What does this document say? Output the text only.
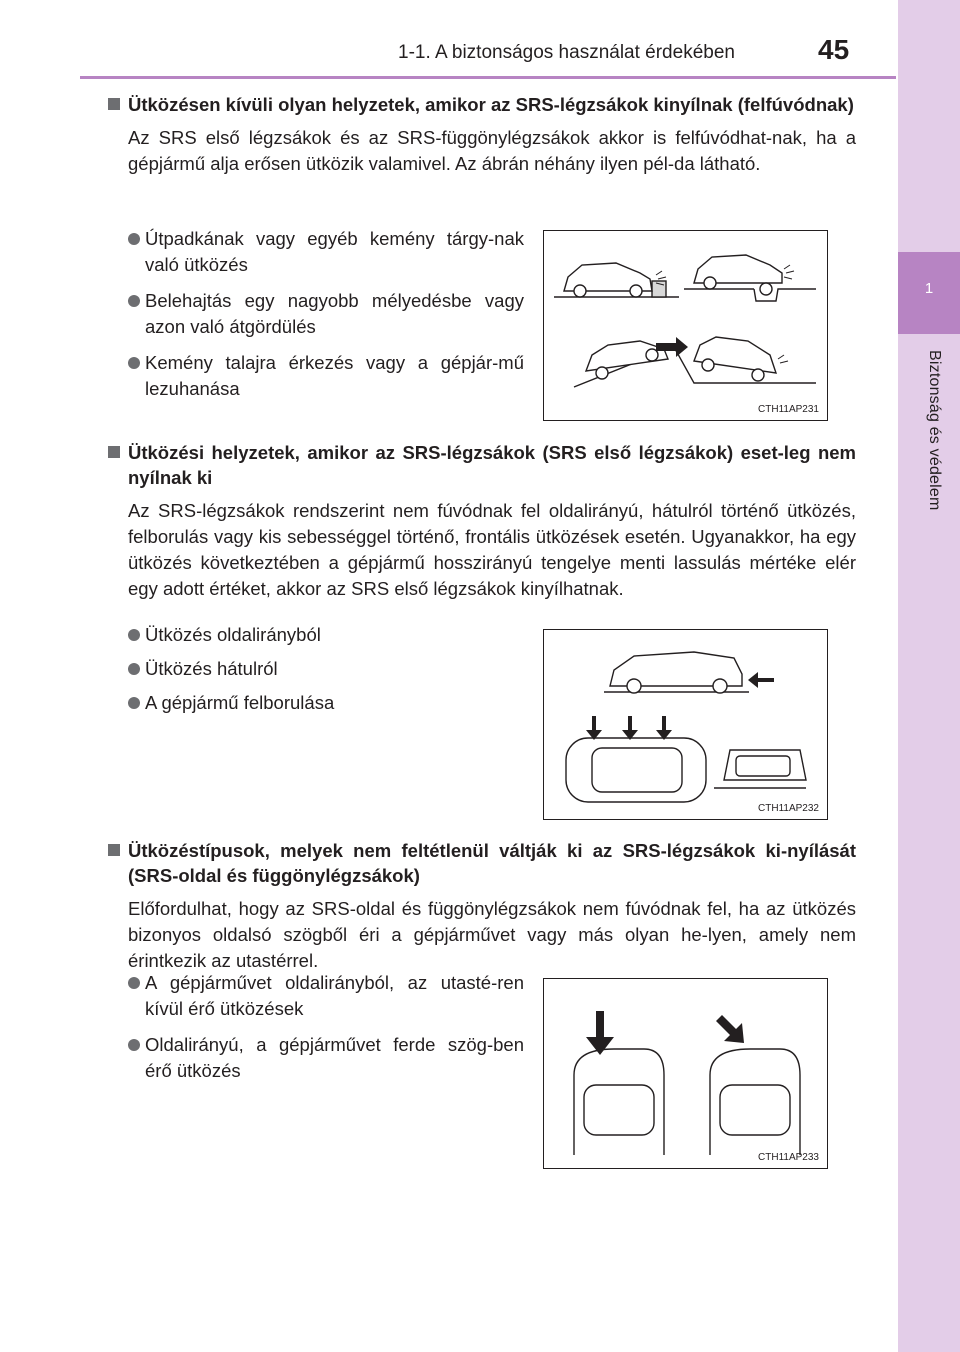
1-1. A biztonságos használat érdekében	45
1
Biztonság és védelem
Ütközésen kívüli olyan helyzetek, amikor az SRS-légzsákok kinyílnak (felfúvódnak)
Az SRS első légzsákok és az SRS-függönylégzsákok akkor is felfúvódhat-nak, ha a gépjármű alja erősen ütközik valamivel. Az ábrán néhány ilyen pél-da látható.
Útpadkának vagy egyéb kemény tárgy-nak való ütközés
Belehajtás egy nagyobb mélyedésbe vagy azon való átgördülés
Kemény talajra érkezés vagy a gépjár-mű lezuhanása
CTH11AP231
Ütközési helyzetek, amikor az SRS-légzsákok (SRS első légzsákok) eset-leg nem nyílnak ki
Az SRS-légzsákok rendszerint nem fúvódnak fel oldalirányú, hátulról történő ütközés, felborulás vagy kis sebességgel történő, frontális ütközések esetén. Ugyanakkor, ha egy ütközés következtében a gépjármű hosszirányú tengelye menti lassulás mértéke elér egy adott értéket, akkor az SRS első légzsákok kinyílhatnak.
Ütközés oldalirányból
Ütközés hátulról
A gépjármű felborulása
CTH11AP232
Ütközéstípusok, melyek nem feltétlenül váltják ki az SRS-légzsákok ki-nyílását (SRS-oldal és függönylégzsákok)
Előfordulhat, hogy az SRS-oldal és függönylégzsákok nem fúvódnak fel, ha az ütközés bizonyos oldalsó szögből éri a gépjárművet vagy más olyan he-lyen, amely nem érintkezik az utastérrel.
A gépjárművet oldalirányból, az utasté-ren kívül érő ütközések
Oldalirányú, a gépjárművet ferde szög-ben érő ütközés
CTH11AP233
